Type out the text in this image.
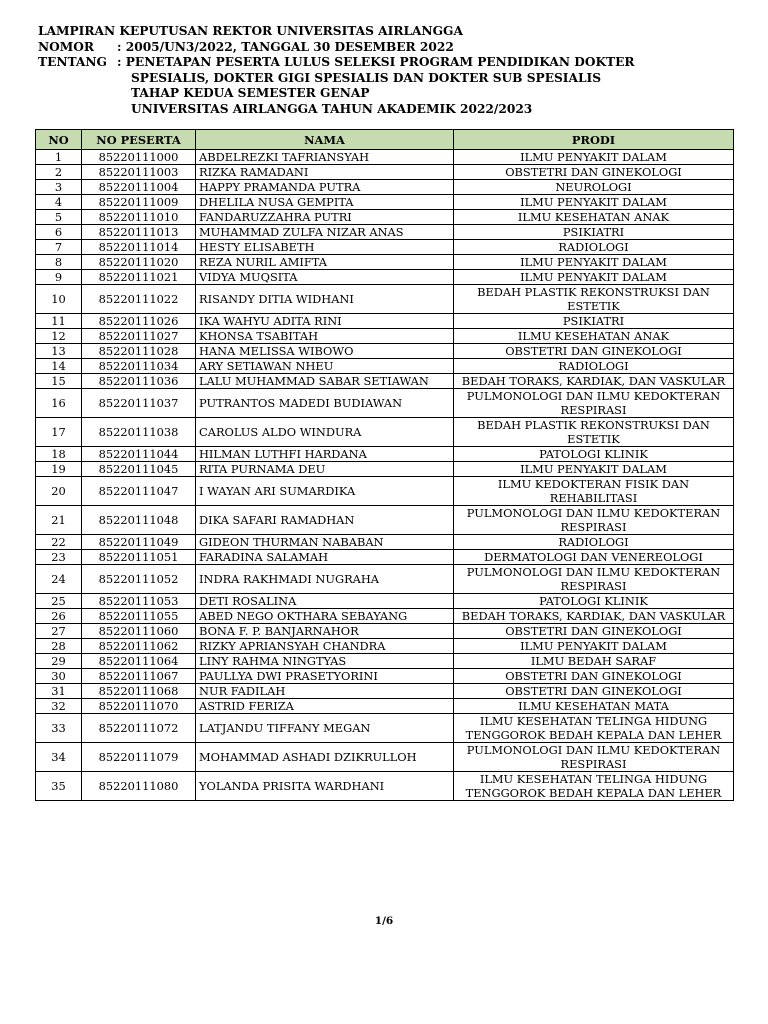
LAMPIRAN KEPUTUSAN REKTOR UNIVERSITAS AIRLANGGA
NOMOR	: 2005/UN3/2022, TANGGAL 30 DESEMBER 2022
TENTANG : PENETAPAN PESERTA LULUS SELEKSI PROGRAM PENDIDIKAN DOKTER
SPESIALIS, DOKTER GIGI SPESIALIS DAN DOKTER SUB SPESIALIS
TAHAP KEDUA SEMESTER GENAP
UNIVERSITAS AIRLANGGA TAHUN AKADEMIK 2022/2023
NO	NO PESERTA	NAMA	PRODI
1	85220111000	ABDELREZKI TAFRIANSYAH	ILMU PENYAKIT DALAM
2	85220111003	RIZKA RAMADANI	OBSTETRI DAN GINEKOLOGI
3	85220111004	HAPPY PRAMANDA PUTRA	NEUROLOGI
4	85220111009	DHELILA NUSA GEMPITA	ILMU PENYAKIT DALAM
5	85220111010	FANDARUZZAHRA PUTRI	ILMU KESEHATAN ANAK
6	85220111013	MUHAMMAD ZULFA NIZAR ANAS	PSIKIATRI
7	85220111014	HESTY ELISABETH	RADIOLOGI
8	85220111020	REZA NURIL AMIFTA	ILMU PENYAKIT DALAM
9	85220111021	VIDYA MUQSITA	ILMU PENYAKIT DALAM
10	85220111022	RISANDY DITIA WIDHANI	BEDAH PLASTIK REKONSTRUKSI DAN ESTETIK
11	85220111026	IKA WAHYU ADITA RINI	PSIKIATRI
12	85220111027	KHONSA TSABITAH	ILMU KESEHATAN ANAK
13	85220111028	HANA MELISSA WIBOWO	OBSTETRI DAN GINEKOLOGI
14	85220111034	ARY SETIAWAN NHEU	RADIOLOGI
15	85220111036	LALU MUHAMMAD SABAR SETIAWAN	BEDAH TORAKS, KARDIAK, DAN VASKULAR
16	85220111037	PUTRANTOS MADEDI BUDIAWAN	PULMONOLOGI DAN ILMU KEDOKTERAN RESPIRASI
17	85220111038	CAROLUS ALDO WINDURA	BEDAH PLASTIK REKONSTRUKSI DAN ESTETIK
18	85220111044	HILMAN LUTHFI HARDANA	PATOLOGI KLINIK
19	85220111045	RITA PURNAMA DEU	ILMU PENYAKIT DALAM
20	85220111047	I WAYAN ARI SUMARDIKA	ILMU KEDOKTERAN FISIK DAN REHABILITASI
21	85220111048	DIKA SAFARI RAMADHAN	PULMONOLOGI DAN ILMU KEDOKTERAN RESPIRASI
22	85220111049	GIDEON THURMAN NABABAN	RADIOLOGI
23	85220111051	FARADINA SALAMAH	DERMATOLOGI DAN VENEREOLOGI
24	85220111052	INDRA RAKHMADI NUGRAHA	PULMONOLOGI DAN ILMU KEDOKTERAN RESPIRASI
25	85220111053	DETI ROSALINA	PATOLOGI KLINIK
26	85220111055	ABED NEGO OKTHARA SEBAYANG	BEDAH TORAKS, KARDIAK, DAN VASKULAR
27	85220111060	BONA F. P. BANJARNAHOR	OBSTETRI DAN GINEKOLOGI
28	85220111062	RIZKY APRIANSYAH CHANDRA	ILMU PENYAKIT DALAM
29	85220111064	LINY RAHMA NINGTYAS	ILMU BEDAH SARAF
30	85220111067	PAULLYA DWI PRASETYORINI	OBSTETRI DAN GINEKOLOGI
31	85220111068	NUR FADILAH	OBSTETRI DAN GINEKOLOGI
32	85220111070	ASTRID FERIZA	ILMU KESEHATAN MATA
33	85220111072	LATJANDU TIFFANY MEGAN	ILMU KESEHATAN TELINGA HIDUNG TENGGOROK BEDAH KEPALA DAN LEHER
34	85220111079	MOHAMMAD ASHADI DZIKRULLOH	PULMONOLOGI DAN ILMU KEDOKTERAN RESPIRASI
35	85220111080	YOLANDA PRISITA WARDHANI	ILMU KESEHATAN TELINGA HIDUNG TENGGOROK BEDAH KEPALA DAN LEHER
1/6
